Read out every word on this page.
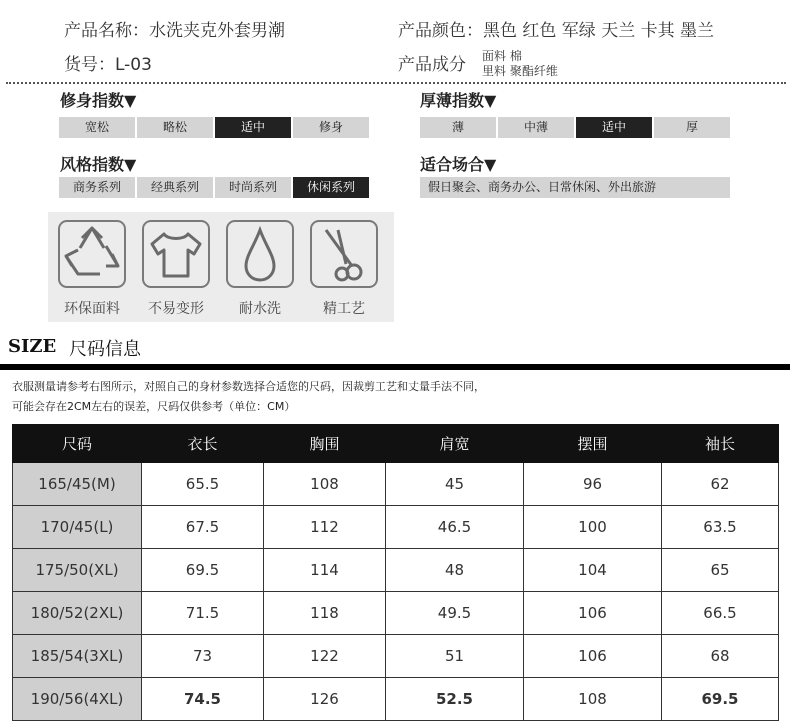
产品名称：水洗夹克外套男潮
货号：L-03
产品颜色：黑色 红色 军绿 天兰 卡其 墨兰
产品成分 面料 棉
里料 聚酯纤维
修身指数▼
宽松	略松	适中	修身
厚薄指数▼
薄	中薄	适中	厚
风格指数▼
商务系列	经典系列	时尚系列	休闲系列
适合场合▼
假日聚会、商务办公、日常休闲、外出旅游
环保面料	不易变形	耐水洗	精工艺
SIZE 尺码信息
衣服测量请参考右图所示，对照自己的身材参数选择合适您的尺码，因裁剪工艺和丈量手法不同，
可能会存在2CM左右的误差，尺码仅供参考（单位：CM）
尺码	衣长	胸围	肩宽	摆围	袖长
165/45(M)	65.5	108	45	96	62
170/45(L)	67.5	112	46.5	100	63.5
175/50(XL)	69.5	114	48	104	65
180/52(2XL)	71.5	118	49.5	106	66.5
185/54(3XL)	73	122	51	106	68
190/56(4XL)	74.5	126	52.5	108	69.5
